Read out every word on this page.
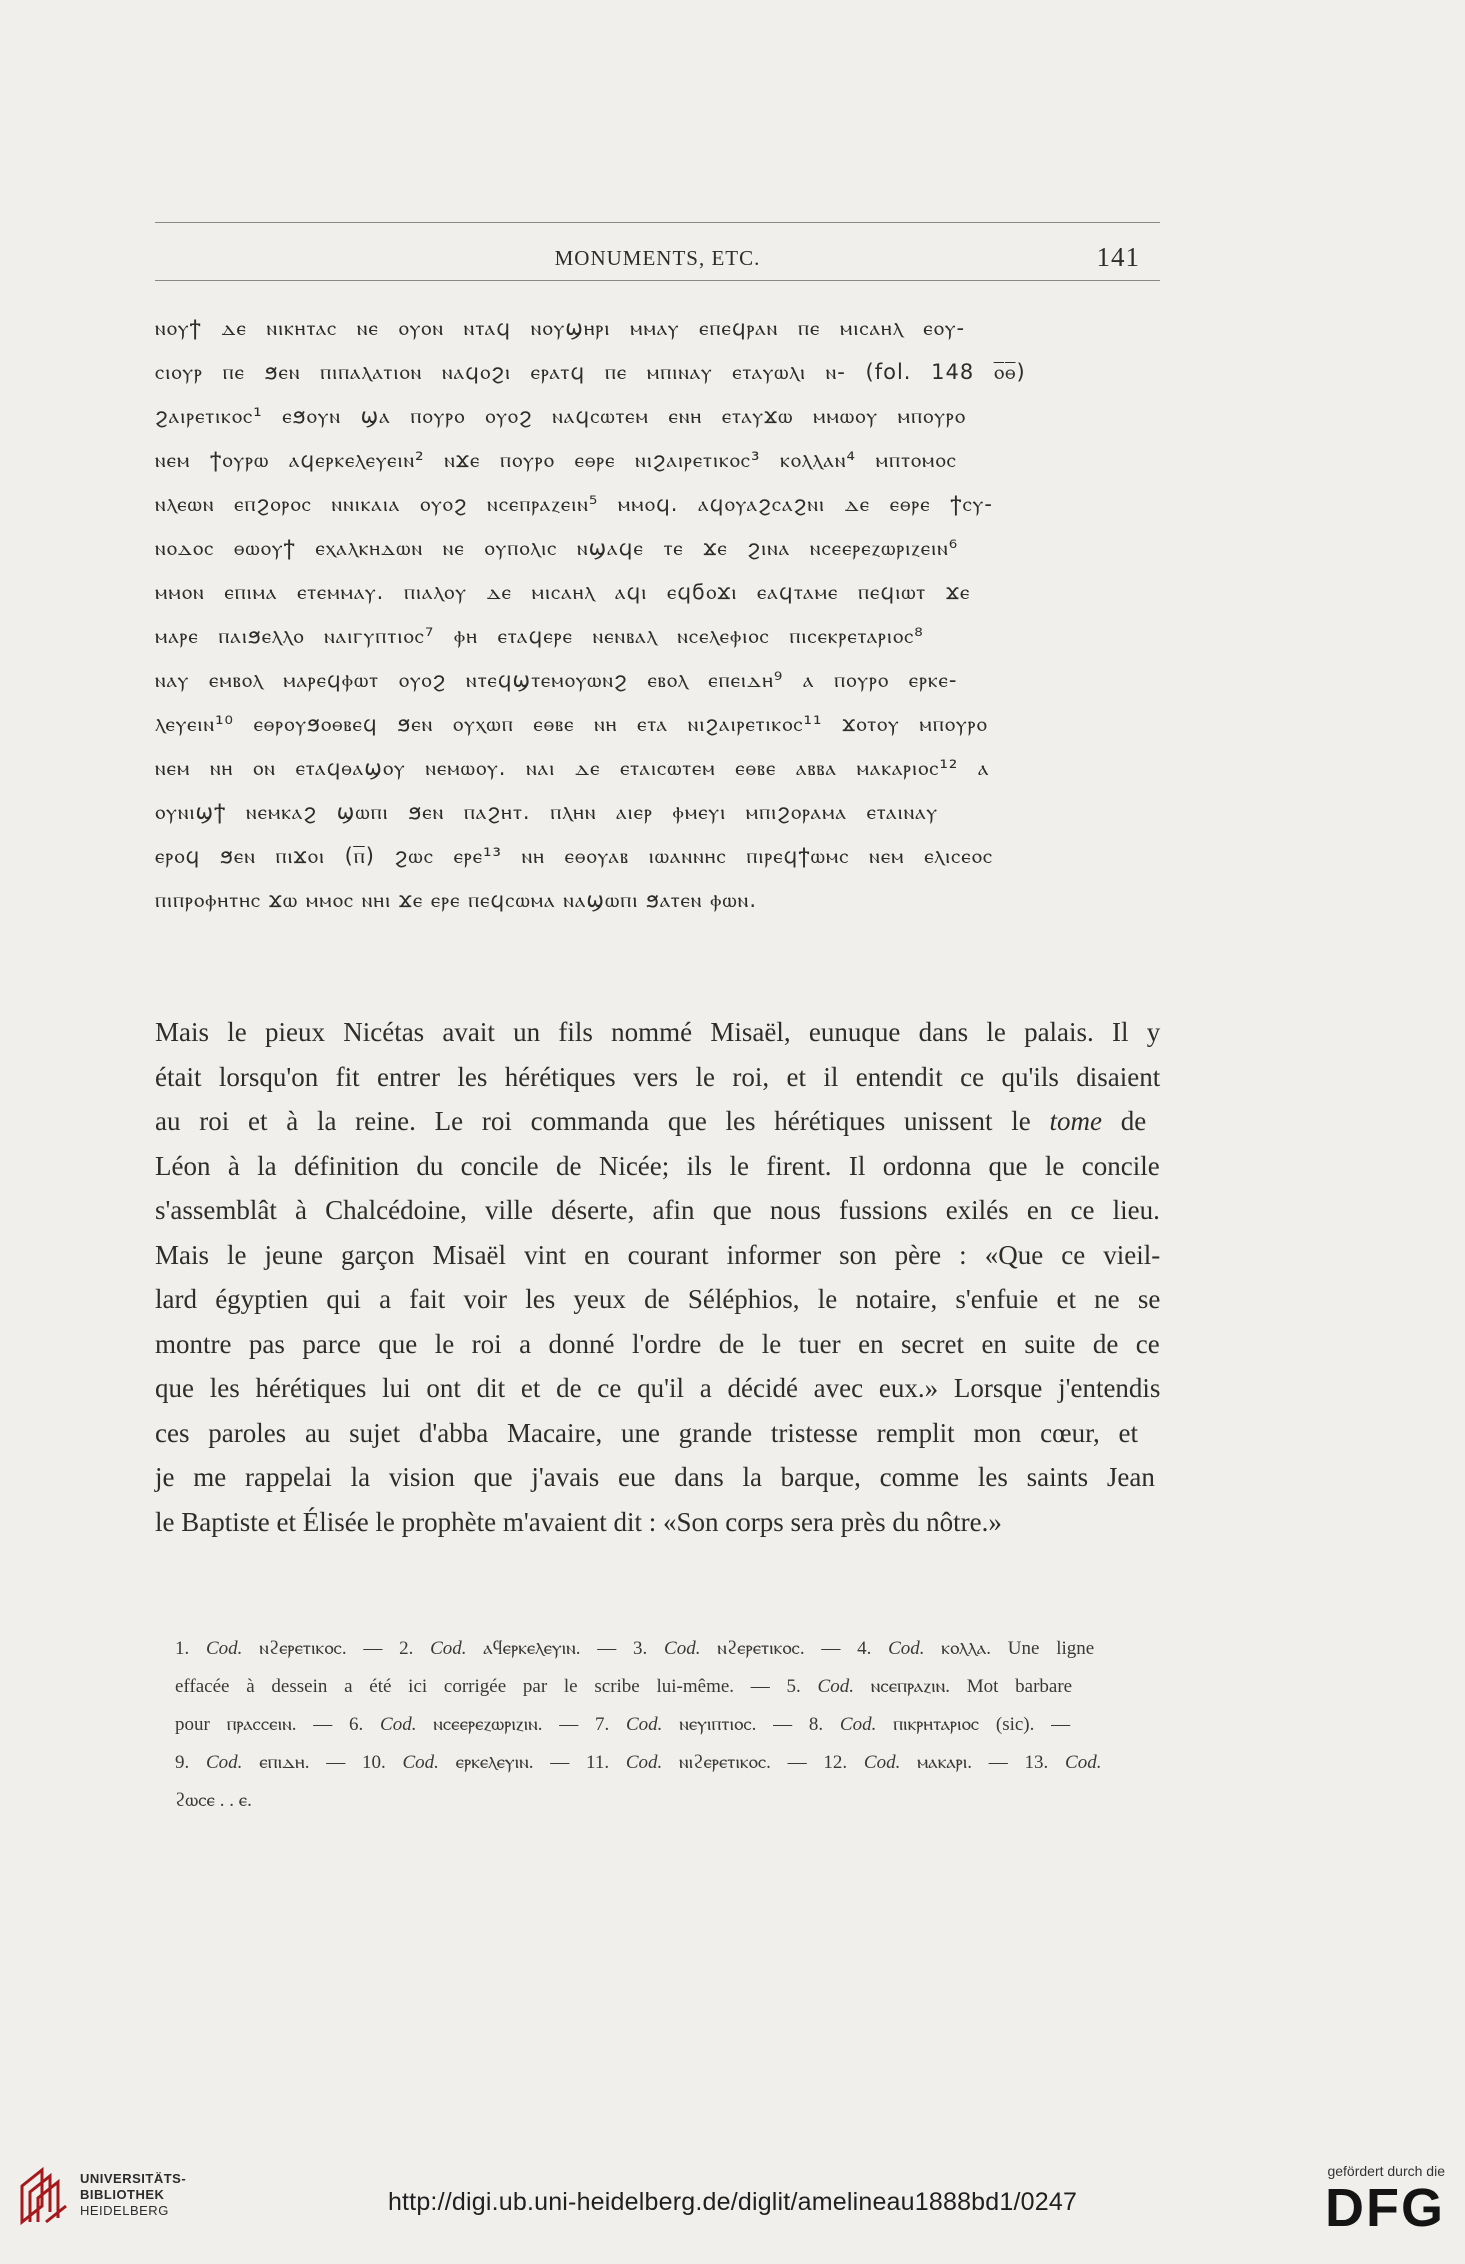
MONUMENTS, ETC.	141
ⲛⲟⲩϯ ⲇⲉ ⲛⲓⲕⲏⲧⲁⲥ ⲛⲉ ⲟⲩⲟⲛ ⲛⲧⲁϥ ⲛⲟⲩϣⲏⲣⲓ ⲙⲙⲁⲩ ⲉⲡⲉϥⲣⲁⲛ ⲡⲉ ⲙⲓⲥⲁⲏⲗ ⲉⲟⲩ-
ⲥⲓⲟⲩⲣ ⲡⲉ ϧⲉⲛ ⲡⲓⲡⲁⲗⲁⲧⲓⲟⲛ ⲛⲁϥⲟϩⲓ ⲉⲣⲁⲧϥ ⲡⲉ ⲙⲡⲓⲛⲁⲩ ⲉⲧⲁⲩⲱⲗⲓ ⲛ- (fol. 148 ⲟ̅ⲑ̅)
ϩⲁⲓⲣⲉⲧⲓⲕⲟⲥ¹ ⲉϧⲟⲩⲛ ϣⲁ ⲡⲟⲩⲣⲟ ⲟⲩⲟϩ ⲛⲁϥⲥⲱⲧⲉⲙ ⲉⲛⲏ ⲉⲧⲁⲩϫⲱ ⲙⲙⲱⲟⲩ ⲙⲡⲟⲩⲣⲟ
ⲛⲉⲙ ϯⲟⲩⲣⲱ ⲁϥⲉⲣⲕⲉⲗⲉⲩⲉⲓⲛ² ⲛϫⲉ ⲡⲟⲩⲣⲟ ⲉⲑⲣⲉ ⲛⲓϩⲁⲓⲣⲉⲧⲓⲕⲟⲥ³ ⲕⲟⲗⲗⲁⲛ⁴ ⲙⲡⲧⲟⲙⲟⲥ
ⲛⲗⲉⲱⲛ ⲉⲡϩⲟⲣⲟⲥ ⲛⲛⲓⲕⲁⲓⲁ ⲟⲩⲟϩ ⲛⲥⲉⲡⲣⲁⲍⲉⲓⲛ⁵ ⲙⲙⲟϥ. ⲁϥⲟⲩⲁϩⲥⲁϩⲛⲓ ⲇⲉ ⲉⲑⲣⲉ ϯⲥⲩ-
ⲛⲟⲇⲟⲥ ⲑⲱⲟⲩϯ ⲉⲭⲁⲗⲕⲏⲇⲱⲛ ⲛⲉ ⲟⲩⲡⲟⲗⲓⲥ ⲛϣⲁϥⲉ ⲧⲉ ϫⲉ ϩⲓⲛⲁ ⲛⲥⲉⲉⲣⲉⲍⲱⲣⲓⲍⲉⲓⲛ⁶
ⲙⲙⲟⲛ ⲉⲡⲓⲙⲁ ⲉⲧⲉⲙⲙⲁⲩ. ⲡⲓⲁⲗⲟⲩ ⲇⲉ ⲙⲓⲥⲁⲏⲗ ⲁϥⲓ ⲉϥϭⲟϫⲓ ⲉⲁϥⲧⲁⲙⲉ ⲡⲉϥⲓⲱⲧ ϫⲉ
ⲙⲁⲣⲉ ⲡⲁⲓϧⲉⲗⲗⲟ ⲛⲁⲓⲅⲩⲡⲧⲓⲟⲥ⁷ ⲫⲏ ⲉⲧⲁϥⲉⲣⲉ ⲛⲉⲛⲃⲁⲗ ⲛⲥⲉⲗⲉⲫⲓⲟⲥ ⲡⲓⲥⲉⲕⲣⲉⲧⲁⲣⲓⲟⲥ⁸
ⲛⲁⲩ ⲉⲙⲃⲟⲗ ⲙⲁⲣⲉϥⲫⲱⲧ ⲟⲩⲟϩ ⲛⲧⲉϥϣⲧⲉⲙⲟⲩⲱⲛϩ ⲉⲃⲟⲗ ⲉⲡⲉⲓⲇⲏ⁹ ⲁ ⲡⲟⲩⲣⲟ ⲉⲣⲕⲉ-
ⲗⲉⲩⲉⲓⲛ¹⁰ ⲉⲑⲣⲟⲩϧⲟⲑⲃⲉϥ ϧⲉⲛ ⲟⲩⲭⲱⲡ ⲉⲑⲃⲉ ⲛⲏ ⲉⲧⲁ ⲛⲓϩⲁⲓⲣⲉⲧⲓⲕⲟⲥ¹¹ ϫⲟⲧⲟⲩ ⲙⲡⲟⲩⲣⲟ
ⲛⲉⲙ ⲛⲏ ⲟⲛ ⲉⲧⲁϥⲑⲁϣⲟⲩ ⲛⲉⲙⲱⲟⲩ. ⲛⲁⲓ ⲇⲉ ⲉⲧⲁⲓⲥⲱⲧⲉⲙ ⲉⲑⲃⲉ ⲁⲃⲃⲁ ⲙⲁⲕⲁⲣⲓⲟⲥ¹² ⲁ
ⲟⲩⲛⲓϣϯ ⲛⲉⲙⲕⲁϩ ϣⲱⲡⲓ ϧⲉⲛ ⲡⲁϩⲏⲧ. ⲡⲗⲏⲛ ⲁⲓⲉⲣ ⲫⲙⲉⲩⲓ ⲙⲡⲓϩⲟⲣⲁⲙⲁ ⲉⲧⲁⲓⲛⲁⲩ
ⲉⲣⲟϥ ϧⲉⲛ ⲡⲓϫⲟⲓ (ⲡ̅) ϩⲱⲥ ⲉⲣⲉ¹³ ⲛⲏ ⲉⲑⲟⲩⲁⲃ ⲓⲱⲁⲛⲛⲏⲥ ⲡⲓⲣⲉϥϯⲱⲙⲥ ⲛⲉⲙ ⲉⲗⲓⲥⲉⲟⲥ
ⲡⲓⲡⲣⲟⲫⲏⲧⲏⲥ ϫⲱ ⲙⲙⲟⲥ ⲛⲏⲓ ϫⲉ ⲉⲣⲉ ⲡⲉϥⲥⲱⲙⲁ ⲛⲁϣⲱⲡⲓ ϧⲁⲧⲉⲛ ⲫⲱⲛ.
Mais le pieux Nicétas avait un fils nommé Misaël, eunuque dans le palais. Il y
était lorsqu'on fit entrer les hérétiques vers le roi, et il entendit ce qu'ils disaient
au roi et à la reine. Le roi commanda que les hérétiques unissent le tome de
Léon à la définition du concile de Nicée; ils le firent. Il ordonna que le concile
s'assemblât à Chalcédoine, ville déserte, afin que nous fussions exilés en ce lieu.
Mais le jeune garçon Misaël vint en courant informer son père : «Que ce vieil-
lard égyptien qui a fait voir les yeux de Séléphios, le notaire, s'enfuie et ne se
montre pas parce que le roi a donné l'ordre de le tuer en secret en suite de ce
que les hérétiques lui ont dit et de ce qu'il a décidé avec eux.» Lorsque j'entendis
ces paroles au sujet d'abba Macaire, une grande tristesse remplit mon cœur, et
je me rappelai la vision que j'avais eue dans la barque, comme les saints Jean
le Baptiste et Élisée le prophète m'avaient dit : «Son corps sera près du nôtre.»
1. Cod. ⲛϩⲉⲣⲉⲧⲓⲕⲟⲥ. — 2. Cod. ⲁϥⲉⲣⲕⲉⲗⲉⲩⲓⲛ. — 3. Cod. ⲛϩⲉⲣⲉⲧⲓⲕⲟⲥ. — 4. Cod. ⲕⲟⲗⲗⲁ. Une ligne
effacée à dessein a été ici corrigée par le scribe lui-même. — 5. Cod. ⲛⲥⲉⲡⲣⲁⲍⲓⲛ. Mot barbare
pour ⲡⲣⲁⲥⲥⲉⲓⲛ. — 6. Cod. ⲛⲥⲉⲉⲣⲉⲍⲱⲣⲓⲍⲓⲛ. — 7. Cod. ⲛⲉⲩⲓⲡⲧⲓⲟⲥ. — 8. Cod. ⲡⲓⲕⲣⲏⲧⲁⲣⲓⲟⲥ (sic). —
9. Cod. ⲉⲡⲓⲇⲏ. — 10. Cod. ⲉⲣⲕⲉⲗⲉⲩⲓⲛ. — 11. Cod. ⲛⲓϩⲉⲣⲉⲧⲓⲕⲟⲥ. — 12. Cod. ⲙⲁⲕⲁⲣⲓ. — 13. Cod.
ϩⲱⲥⲉ . . ⲉ.
UNIVERSITÄTS-
BIBLIOTHEK
HEIDELBERG	http://digi.ub.uni-heidelberg.de/diglit/amelineau1888bd1/0247
gefördert durch die
DFG
